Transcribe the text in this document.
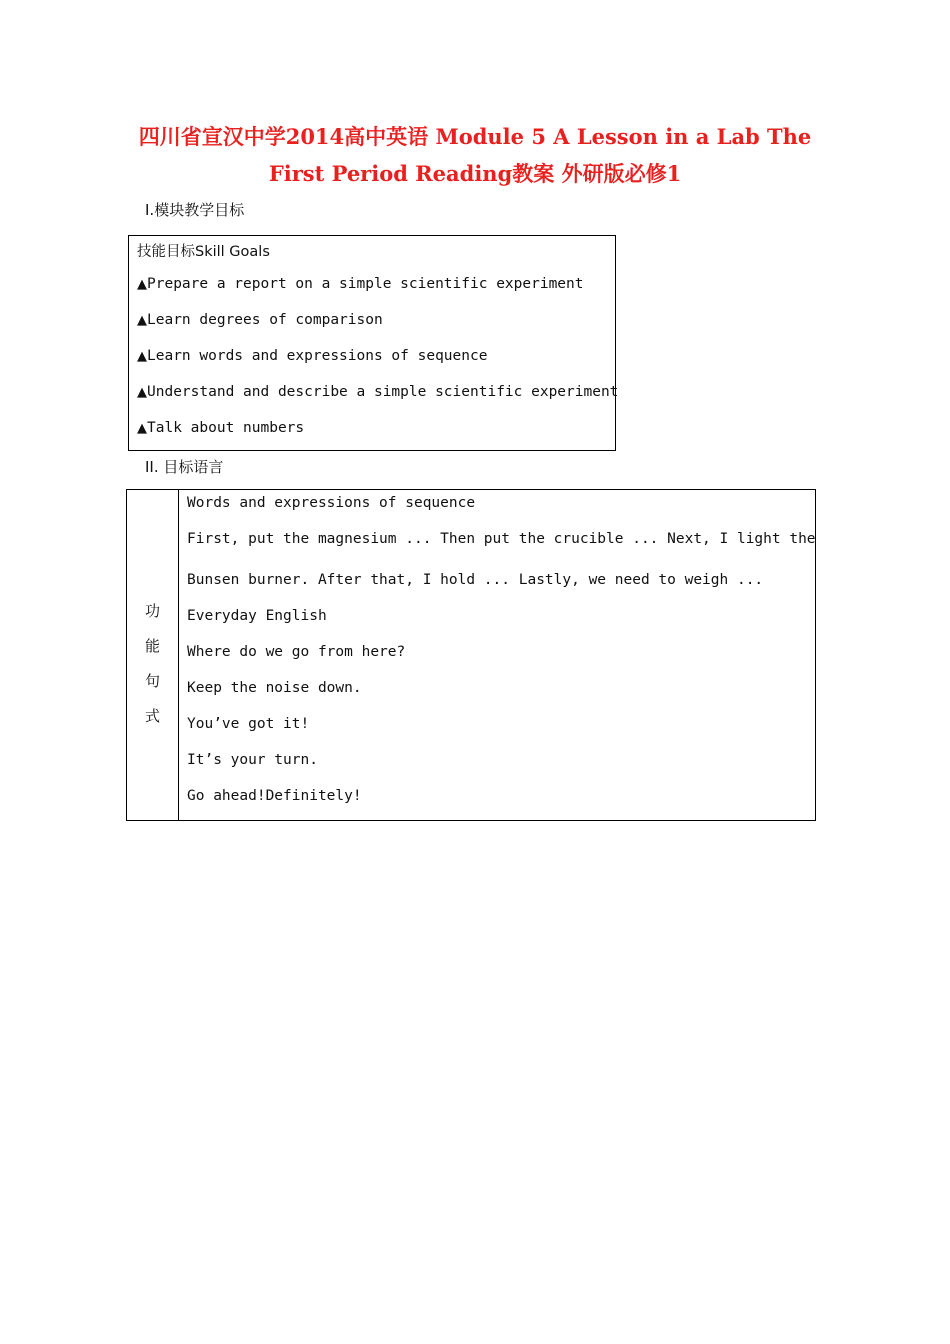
四川省宣汉中学2014高中英语 Module 5 A Lesson in a Lab The
First Period Reading教案 外研版必修1
I.模块教学目标
技能目标Skill Goals
▲Prepare a report on a simple scientific experiment
▲Learn degrees of comparison
▲Learn words and expressions of sequence
▲Understand and describe a simple scientific experiment
▲Talk about numbers
II. 目标语言
功
能
句
式
Words and expressions of sequence
First, put the magnesium ... Then put the crucible ... Next, I light the
Bunsen burner. After that, I hold ... Lastly, we need to weigh ...
Everyday English
Where do we go from here?
Keep the noise down.
You’ve got it!
It’s your turn.
Go ahead!Definitely!
